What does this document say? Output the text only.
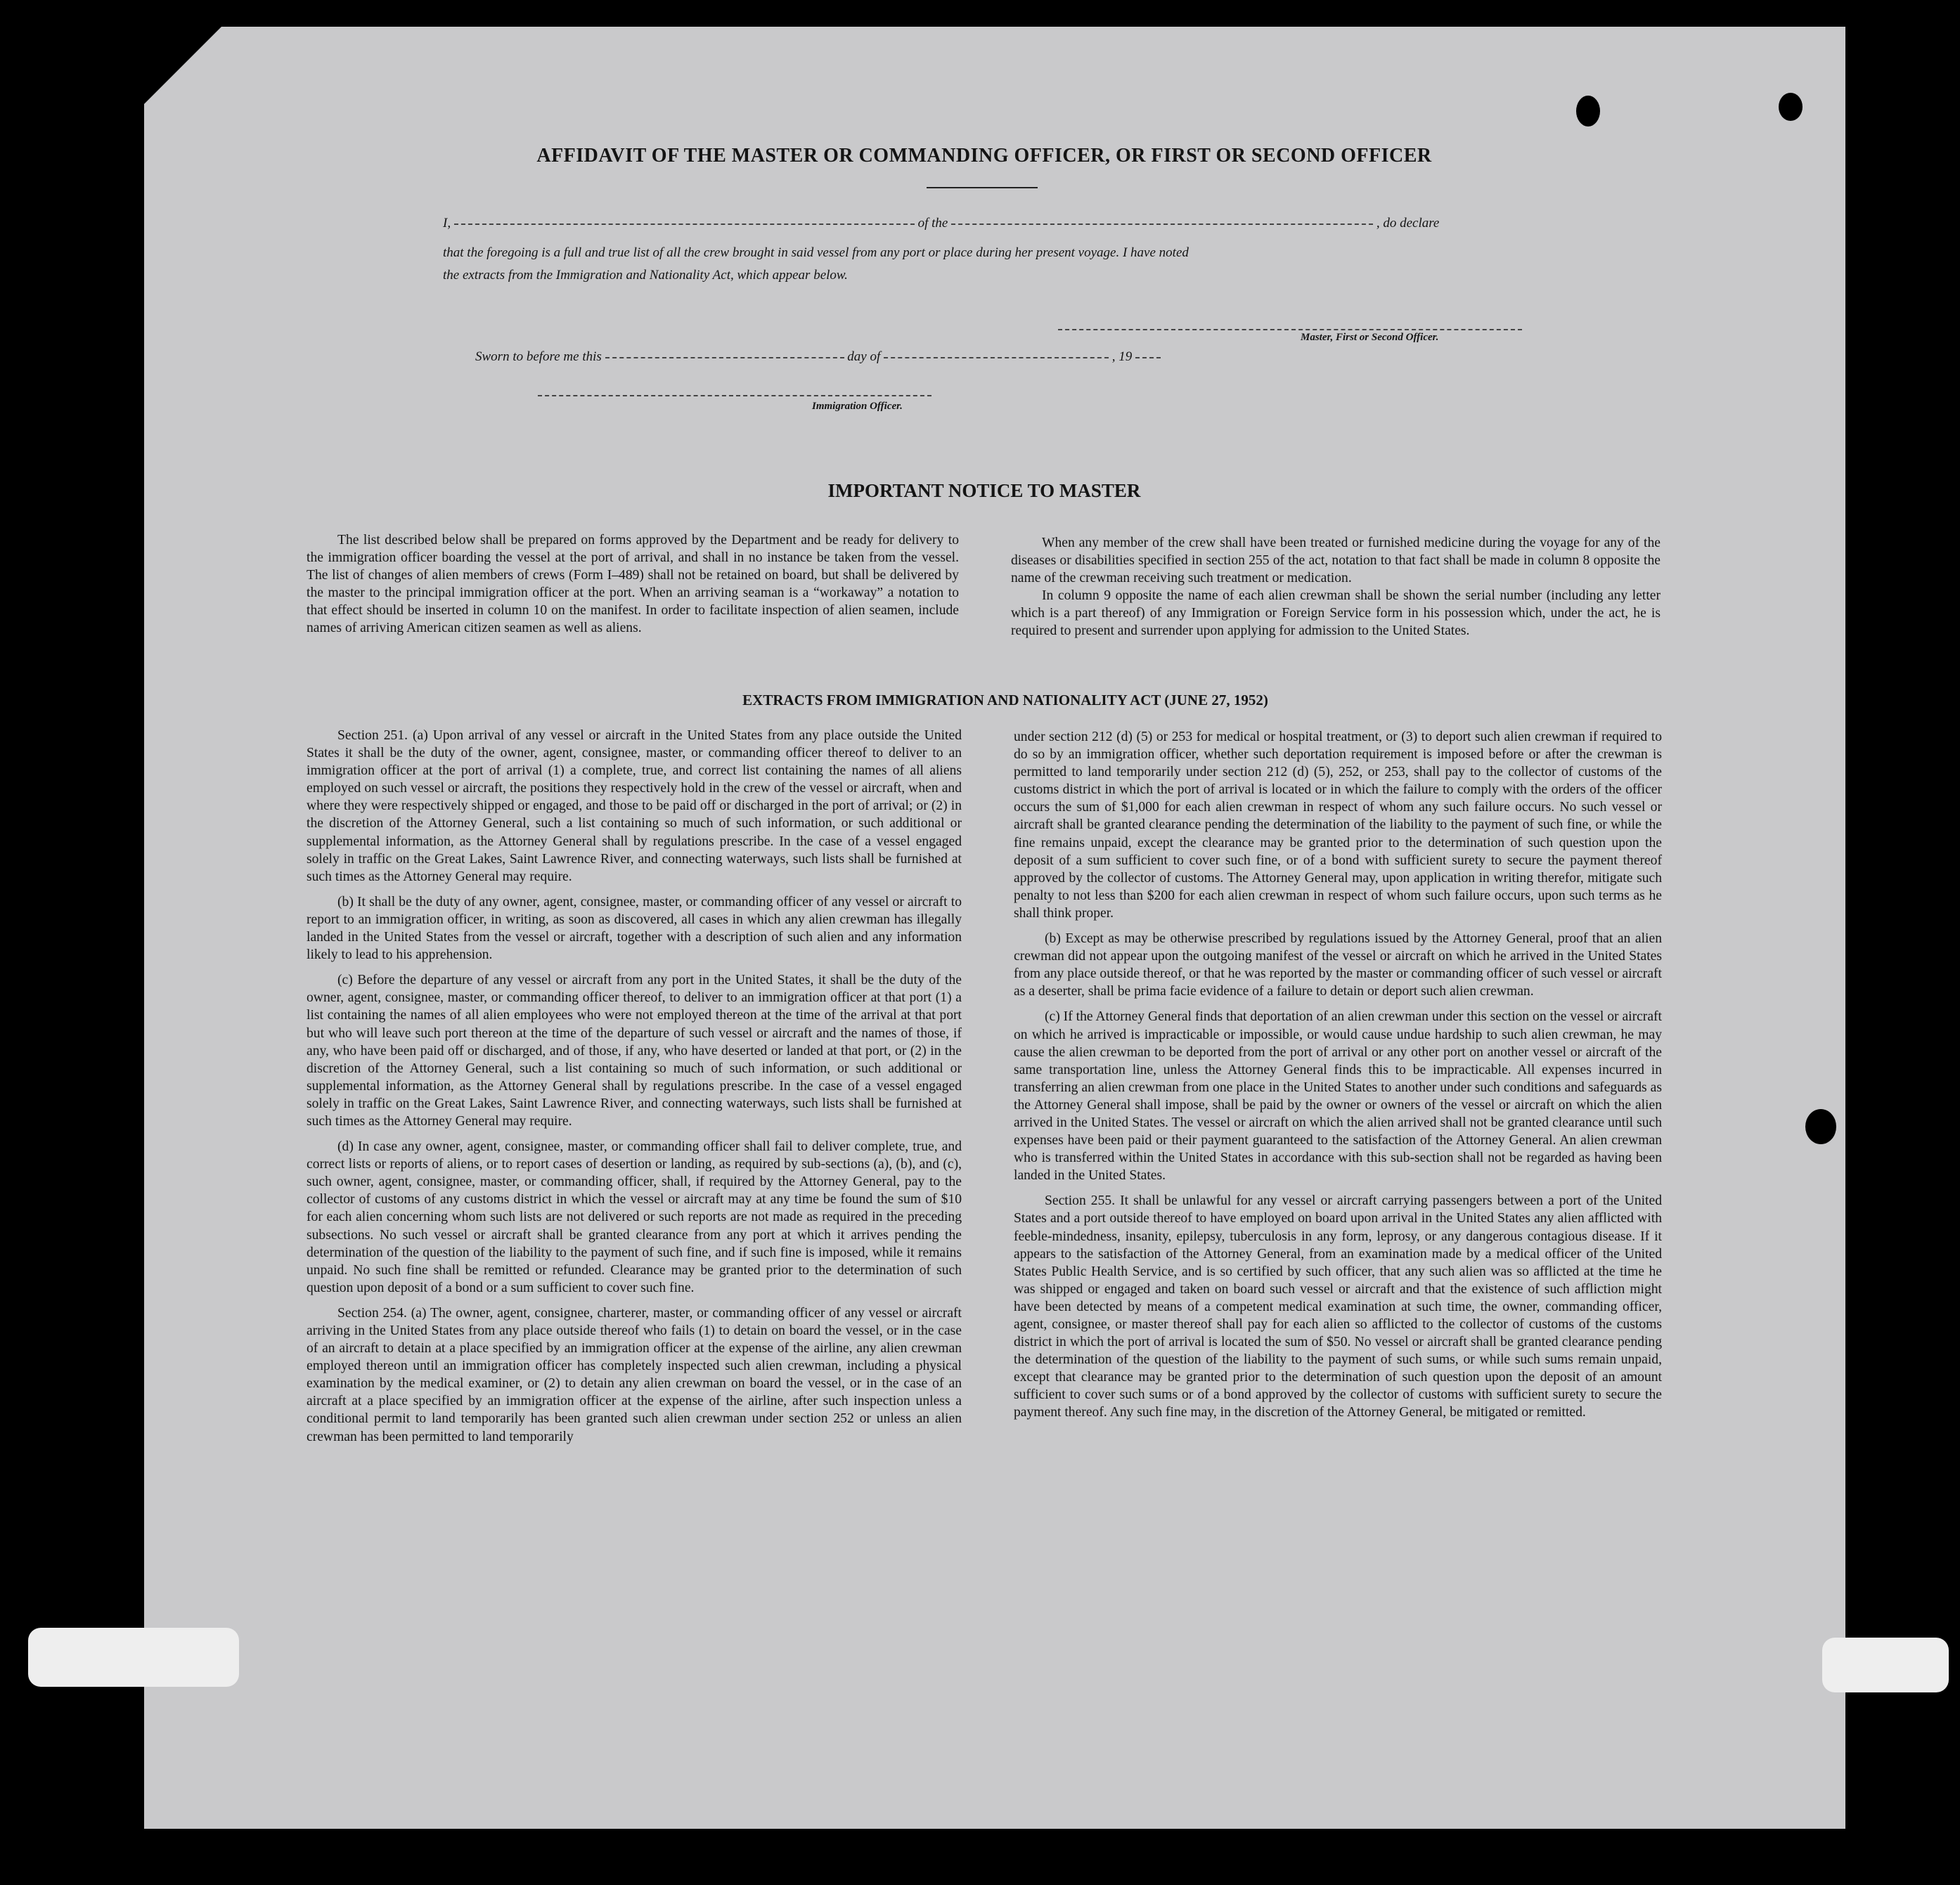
AFFIDAVIT OF THE MASTER OR COMMANDING OFFICER, OR FIRST OR SECOND OFFICER
I,	of the	, do declare
that the foregoing is a full and true list of all the crew brought in said vessel from any port or place during her present voyage. I have noted
the extracts from the Immigration and Nationality Act, which appear below.
Master, First or Second Officer.
Sworn to before me this	day of	, 19
Immigration Officer.
IMPORTANT NOTICE TO MASTER

The list described below shall be prepared on forms approved by the Department and be ready for delivery to the immigration officer boarding the vessel at the port of arrival, and shall in no instance be taken from the vessel. The list of changes of alien members of crews (Form I–489) shall not be retained on board, but shall be delivered by the master to the principal immigration officer at the port. When an arriving seaman is a “workaway” a notation to that effect should be inserted in column 10 on the manifest. In order to facilitate inspection of alien seamen, include names of arriving American citizen seamen as well as aliens.

When any member of the crew shall have been treated or furnished medicine during the voyage for any of the diseases or disabilities specified in section 255 of the act, notation to that fact shall be made in column 8 opposite the name of the crewman receiving such treatment or medication.

In column 9 opposite the name of each alien crewman shall be shown the serial number (including any letter which is a part thereof) of any Immigration or Foreign Service form in his possession which, under the act, he is required to present and surrender upon applying for admission to the United States.

EXTRACTS FROM IMMIGRATION AND NATIONALITY ACT (JUNE 27, 1952)

Section 251. (a) Upon arrival of any vessel or aircraft in the United States from any place outside the United States it shall be the duty of the owner, agent, consignee, master, or commanding officer thereof to deliver to an immigration officer at the port of arrival (1) a complete, true, and correct list containing the names of all aliens employed on such vessel or aircraft, the positions they respectively hold in the crew of the vessel or aircraft, when and where they were respectively shipped or engaged, and those to be paid off or discharged in the port of arrival; or (2) in the discretion of the Attorney General, such a list containing so much of such information, or such additional or supplemental information, as the Attorney General shall by regulations prescribe. In the case of a vessel engaged solely in traffic on the Great Lakes, Saint Lawrence River, and connecting waterways, such lists shall be furnished at such times as the Attorney General may require.

(b) It shall be the duty of any owner, agent, consignee, master, or commanding officer of any vessel or aircraft to report to an immigration officer, in writing, as soon as discovered, all cases in which any alien crewman has illegally landed in the United States from the vessel or aircraft, together with a description of such alien and any information likely to lead to his apprehension.

(c) Before the departure of any vessel or aircraft from any port in the United States, it shall be the duty of the owner, agent, consignee, master, or commanding officer thereof, to deliver to an immigration officer at that port (1) a list containing the names of all alien employees who were not employed thereon at the time of the arrival at that port but who will leave such port thereon at the time of the departure of such vessel or aircraft and the names of those, if any, who have been paid off or discharged, and of those, if any, who have deserted or landed at that port, or (2) in the discretion of the Attorney General, such a list containing so much of such information, or such additional or supplemental information, as the Attorney General shall by regulations prescribe. In the case of a vessel engaged solely in traffic on the Great Lakes, Saint Lawrence River, and connecting waterways, such lists shall be furnished at such times as the Attorney General may require.

(d) In case any owner, agent, consignee, master, or commanding officer shall fail to deliver complete, true, and correct lists or reports of aliens, or to report cases of desertion or landing, as required by sub-sections (a), (b), and (c), such owner, agent, consignee, master, or commanding officer, shall, if required by the Attorney General, pay to the collector of customs of any customs district in which the vessel or aircraft may at any time be found the sum of $10 for each alien concerning whom such lists are not delivered or such reports are not made as required in the preceding subsections. No such vessel or aircraft shall be granted clearance from any port at which it arrives pending the determination of the question of the liability to the payment of such fine, and if such fine is imposed, while it remains unpaid. No such fine shall be remitted or refunded. Clearance may be granted prior to the determination of such question upon deposit of a bond or a sum sufficient to cover such fine.

Section 254. (a) The owner, agent, consignee, charterer, master, or commanding officer of any vessel or aircraft arriving in the United States from any place outside thereof who fails (1) to detain on board the vessel, or in the case of an aircraft to detain at a place specified by an immigration officer at the expense of the airline, any alien crewman employed thereon until an immigration officer has completely inspected such alien crewman, including a physical examination by the medical examiner, or (2) to detain any alien crewman on board the vessel, or in the case of an aircraft at a place specified by an immigration officer at the expense of the airline, after such inspection unless a conditional permit to land temporarily has been granted such alien crewman under section 252 or unless an alien crewman has been permitted to land temporarily

under section 212 (d) (5) or 253 for medical or hospital treatment, or (3) to deport such alien crewman if required to do so by an immigration officer, whether such deportation requirement is imposed before or after the crewman is permitted to land temporarily under section 212 (d) (5), 252, or 253, shall pay to the collector of customs of the customs district in which the port of arrival is located or in which the failure to comply with the orders of the officer occurs the sum of $1,000 for each alien crewman in respect of whom any such failure occurs. No such vessel or aircraft shall be granted clearance pending the determination of the liability to the payment of such fine, or while the fine remains unpaid, except the clearance may be granted prior to the determination of such question upon the deposit of a sum sufficient to cover such fine, or of a bond with sufficient surety to secure the payment thereof approved by the collector of customs. The Attorney General may, upon application in writing therefor, mitigate such penalty to not less than $200 for each alien crewman in respect of whom such failure occurs, upon such terms as he shall think proper.

(b) Except as may be otherwise prescribed by regulations issued by the Attorney General, proof that an alien crewman did not appear upon the outgoing manifest of the vessel or aircraft on which he arrived in the United States from any place outside thereof, or that he was reported by the master or commanding officer of such vessel or aircraft as a deserter, shall be prima facie evidence of a failure to detain or deport such alien crewman.

(c) If the Attorney General finds that deportation of an alien crewman under this section on the vessel or aircraft on which he arrived is impracticable or impossible, or would cause undue hardship to such alien crewman, he may cause the alien crewman to be deported from the port of arrival or any other port on another vessel or aircraft of the same transportation line, unless the Attorney General finds this to be impracticable. All expenses incurred in transferring an alien crewman from one place in the United States to another under such conditions and safeguards as the Attorney General shall impose, shall be paid by the owner or owners of the vessel or aircraft on which the alien arrived in the United States. The vessel or aircraft on which the alien arrived shall not be granted clearance until such expenses have been paid or their payment guaranteed to the satisfaction of the Attorney General. An alien crewman who is transferred within the United States in accordance with this sub-section shall not be regarded as having been landed in the United States.

Section 255. It shall be unlawful for any vessel or aircraft carrying passengers between a port of the United States and a port outside thereof to have employed on board upon arrival in the United States any alien afflicted with feeble-mindedness, insanity, epilepsy, tuberculosis in any form, leprosy, or any dangerous contagious disease. If it appears to the satisfaction of the Attorney General, from an examination made by a medical officer of the United States Public Health Service, and is so certified by such officer, that any such alien was so afflicted at the time he was shipped or engaged and taken on board such vessel or aircraft and that the existence of such affliction might have been detected by means of a competent medical examination at such time, the owner, commanding officer, agent, consignee, or master thereof shall pay for each alien so afflicted to the collector of customs of the customs district in which the port of arrival is located the sum of $50. No vessel or aircraft shall be granted clearance pending the determination of the question of the liability to the payment of such sums, or while such sums remain unpaid, except that clearance may be granted prior to the determination of such question upon the deposit of an amount sufficient to cover such sums or of a bond approved by the collector of customs with sufficient surety to secure the payment thereof. Any such fine may, in the discretion of the Attorney General, be mitigated or remitted.
